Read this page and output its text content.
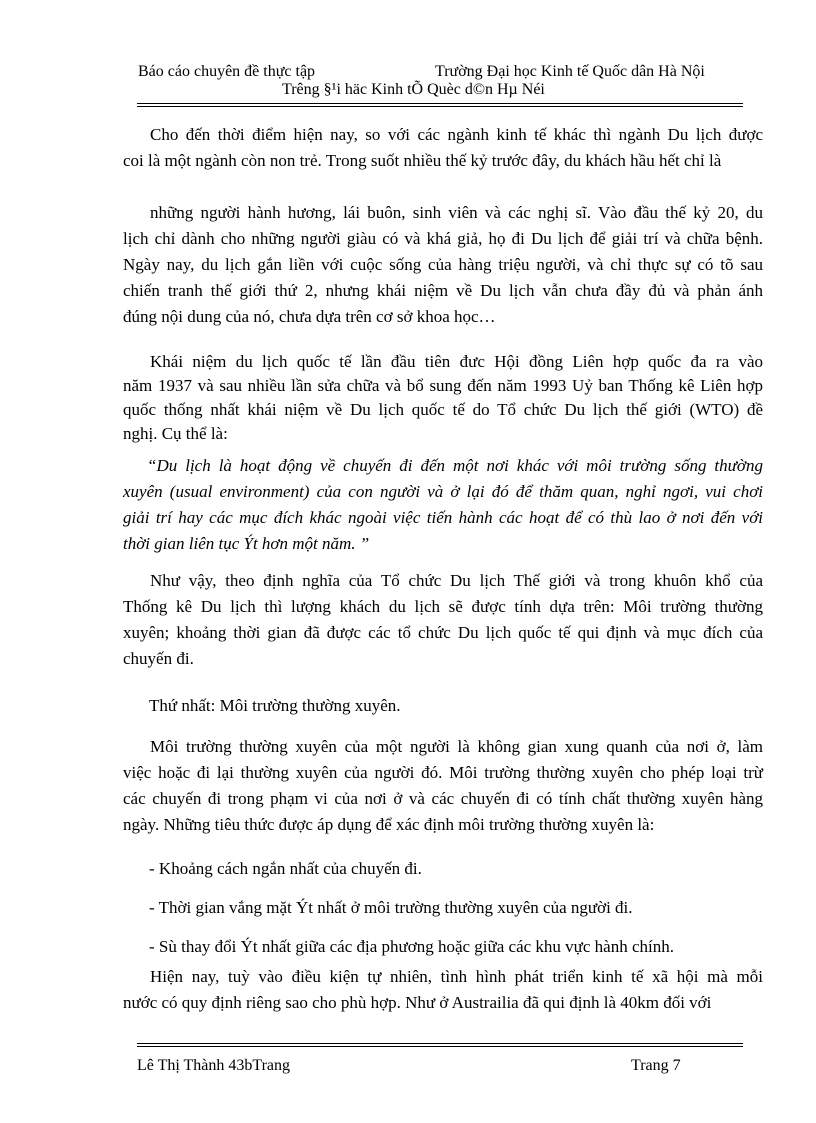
Báo cáo chuyên đề thực tập	Trường Đại học Kinh tế Quốc dân Hà Nội
Trêng §¹i häc Kinh tÕ Quèc d©n Hµ Néi
Cho đến thời điểm hiện nay, so với các ngành kinh tế khác thì ngành Du lịch được
coi là một ngành còn non trẻ. Trong suốt nhiều thế kỷ trước đây, du khách hầu hết chỉ là
những người hành hương, lái buôn, sinh viên và các nghị sĩ. Vào đầu thế kỷ 20, du
lịch chỉ dành cho những người giàu có và khá giả, họ đi Du lịch để giải trí và chữa bệnh.
Ngày nay, du lịch gắn liền với cuộc sống của hàng triệu người, và chỉ thực sự có tõ sau
chiến tranh thế giới thứ 2, nhưng khái niệm về Du lịch vẫn chưa đầy đủ và phản ánh
đúng nội dung của nó, chưa dựa trên cơ sở khoa học…
Khái niệm du lịch quốc tế lần đầu tiên đưc Hội đồng Liên hợp quốc đa ra vào
năm 1937 và sau nhiều lần sửa chữa và bổ sung đến năm 1993 Uỷ ban Thống kê Liên hợp
quốc thống nhất khái niệm về Du lịch quốc tế do Tổ chức Du lịch thế giới (WTO) đề
nghị. Cụ thể là:
“Du lịch là hoạt động về chuyến đi đến một nơi khác với môi trường sống thường
xuyên (usual environment) của con người và ở lại đó để thăm quan, nghỉ ngơi, vui chơi
giải trí hay các mục đích khác ngoài việc tiến hành các hoạt để có thù lao ở nơi đến với
thời gian liên tục Ýt hơn một năm. ”
Như vậy, theo định nghĩa của Tổ chức Du lịch Thế giới và trong khuôn khổ của
Thống kê Du lịch thì lượng khách du lịch sẽ được tính dựa trên: Môi trường thường
xuyên; khoảng thời gian đã được các tổ chức Du lịch quốc tế qui định và mục đích của
chuyến đi.
Thứ nhất: Môi trường thường xuyên.
Môi trường thường xuyên của một người là không gian xung quanh của nơi ở, làm
việc hoặc đi lại thường xuyên của người đó. Môi trường thường xuyên cho phép loại trừ
các chuyến đi trong phạm vi của nơi ở và các chuyến đi có tính chất thường xuyên hàng
ngày. Những tiêu thức được áp dụng để xác định môi trường thường xuyên là:
- Khoảng cách ngắn nhất của chuyến đi.
- Thời gian vắng mặt Ýt nhất ở môi trường thường xuyên của người đi.
- Sù thay đổi Ýt nhất giữa các địa phương hoặc giữa các khu vực hành chính.
Hiện nay, tuỳ vào điều kiện tự nhiên, tình hình phát triển kinh tế xã hội mà mỗi
nước có quy định riêng sao cho phù hợp. Như ở Austrailia đã qui định là 40km đối với
Lê Thị Thành 43bTrang	Trang 7
